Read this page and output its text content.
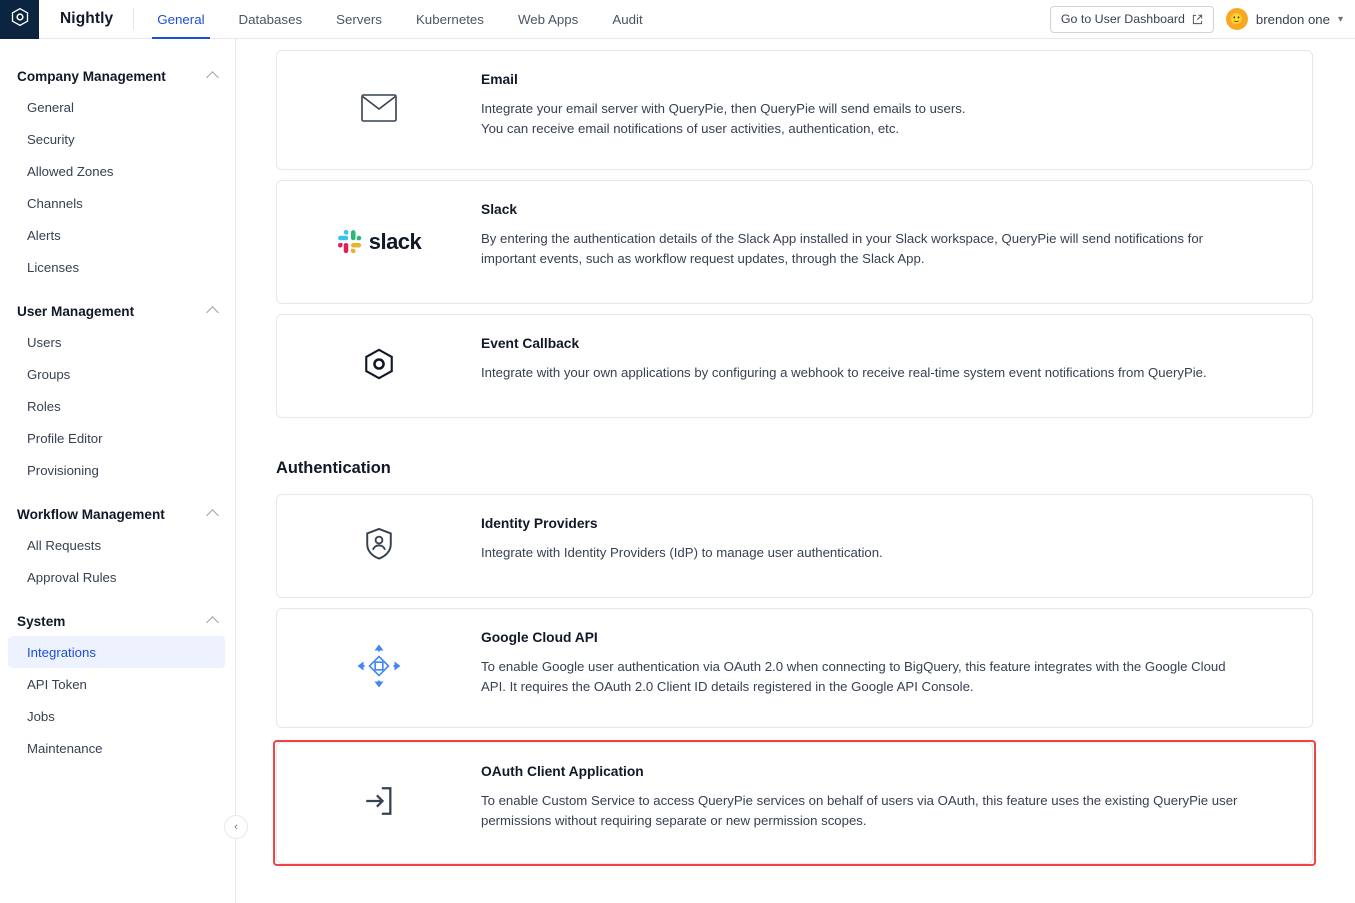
Nightly	General	Databases	Servers	Kubernetes	Web Apps	Audit	Go to User Dashboard	🙂 brendon one ▾
Company Management
General
Security
Allowed Zones
Channels
Alerts
Licenses
User Management
Users
Groups
Roles
Profile Editor
Provisioning
Workflow Management
All Requests
Approval Rules
System
Integrations
API Token
Jobs
Maintenance
‹
Email

Integrate your email server with QueryPie, then QueryPie will send emails to users.

You can receive email notifications of user activities, authentication, etc.

slack
Slack

By entering the authentication details of the Slack App installed in your Slack workspace, QueryPie will send notifications for

important events, such as workflow request updates, through the Slack App.

Event Callback

Integrate with your own applications by configuring a webhook to receive real-time system event notifications from QueryPie.

Authentication
Identity Providers

Integrate with Identity Providers (IdP) to manage user authentication.

Google Cloud API

To enable Google user authentication via OAuth 2.0 when connecting to BigQuery, this feature integrates with the Google Cloud

API. It requires the OAuth 2.0 Client ID details registered in the Google API Console.

OAuth Client Application

To enable Custom Service to access QueryPie services on behalf of users via OAuth, this feature uses the existing QueryPie user

permissions without requiring separate or new permission scopes.
